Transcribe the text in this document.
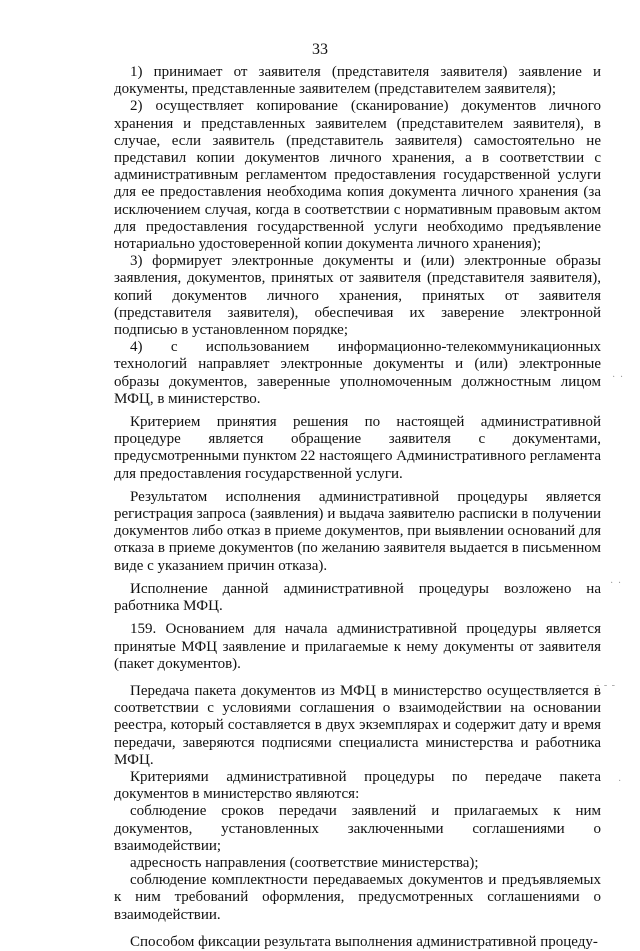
33

1) принимает от заявителя (представителя заявителя) заявление и документы, представленные заявителем (представителем заявителя);

2) осуществляет копирование (сканирование) документов личного хранения и представленных заявителем (представителем заявителя), в случае, если заявитель (представитель заявителя) самостоятельно не представил копии документов личного хранения, а в соответствии с административным регламентом предоставления государственной услуги для ее предоставления необходима копия документа личного хранения (за исключением случая, когда в соответствии с нормативным правовым актом для предоставления государственной услуги необходимо предъявление нотариально удостоверенной копии документа личного хранения);

3) формирует электронные документы и (или) электронные образы заявления, документов, принятых от заявителя (представителя заявителя), копий документов личного хранения, принятых от заявителя (представителя заявителя), обеспечивая их заверение электронной подписью в установленном порядке;

4) с использованием информационно-телекоммуникационных технологий направляет электронные документы и (или) электронные образы документов, заверенные уполномоченным должностным лицом МФЦ, в министерство.

Критерием принятия решения по настоящей административной процедуре является обращение заявителя с документами, предусмотренными пунктом 22 настоящего Административного регламента для предоставления государственной услуги.

Результатом исполнения административной процедуры является регистрация запроса (заявления) и выдача заявителю расписки в получении документов либо отказ в приеме документов, при выявлении оснований для отказа в приеме документов (по желанию заявителя выдается в письменном виде с указанием причин отказа).

Исполнение данной административной процедуры возложено на работника МФЦ.

159. Основанием для начала административной процедуры является принятые МФЦ заявление и прилагаемые к нему документы от заявителя (пакет документов).

Передача пакета документов из МФЦ в министерство осуществляется в соответствии с условиями соглашения о взаимодействии на основании реестра, который составляется в двух экземплярах и содержит дату и время передачи, заверяются подписями специалиста министерства и работника МФЦ.

Критериями административной процедуры по передаче пакета документов в министерство являются:

соблюдение сроков передачи заявлений и прилагаемых к ним документов, установленных заключенными соглашениями о взаимодействии;

адресность направления (соответствие министерства);

соблюдение комплектности передаваемых документов и предъявляемых к ним требований оформления, предусмотренных соглашениями о взаимодействии.

Способом фиксации результата выполнения административной процеду-

· ·
· ·
- - -
·
